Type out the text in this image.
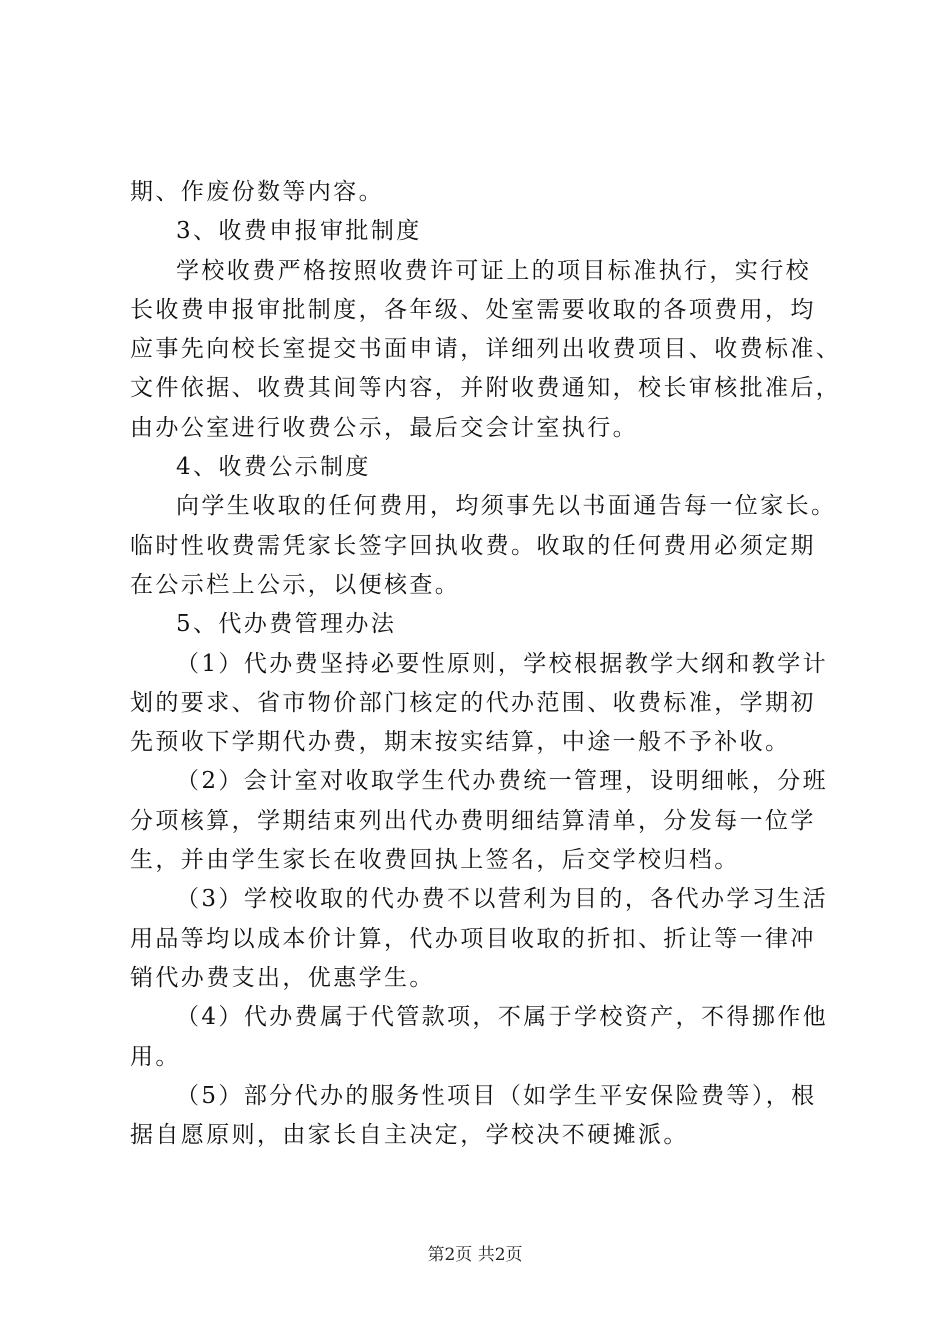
期、作废份数等内容。
3、收费申报审批制度
学校收费严格按照收费许可证上的项目标准执行，实行校
长收费申报审批制度，各年级、处室需要收取的各项费用，均
应事先向校长室提交书面申请，详细列出收费项目、收费标准、
文件依据、收费其间等内容，并附收费通知，校长审核批准后，
由办公室进行收费公示，最后交会计室执行。
4、收费公示制度
向学生收取的任何费用，均须事先以书面通告每一位家长。
临时性收费需凭家长签字回执收费。收取的任何费用必须定期
在公示栏上公示，以便核查。
5、代办费管理办法
（1）代办费坚持必要性原则，学校根据教学大纲和教学计
划的要求、省市物价部门核定的代办范围、收费标准，学期初
先预收下学期代办费，期末按实结算，中途一般不予补收。
（2）会计室对收取学生代办费统一管理，设明细帐，分班
分项核算，学期结束列出代办费明细结算清单，分发每一位学
生，并由学生家长在收费回执上签名，后交学校归档。
（3）学校收取的代办费不以营利为目的，各代办学习生活
用品等均以成本价计算，代办项目收取的折扣、折让等一律冲
销代办费支出，优惠学生。
（4）代办费属于代管款项，不属于学校资产，不得挪作他
用。
（5）部分代办的服务性项目（如学生平安保险费等），根
据自愿原则，由家长自主决定，学校决不硬摊派。
第2页 共2页
